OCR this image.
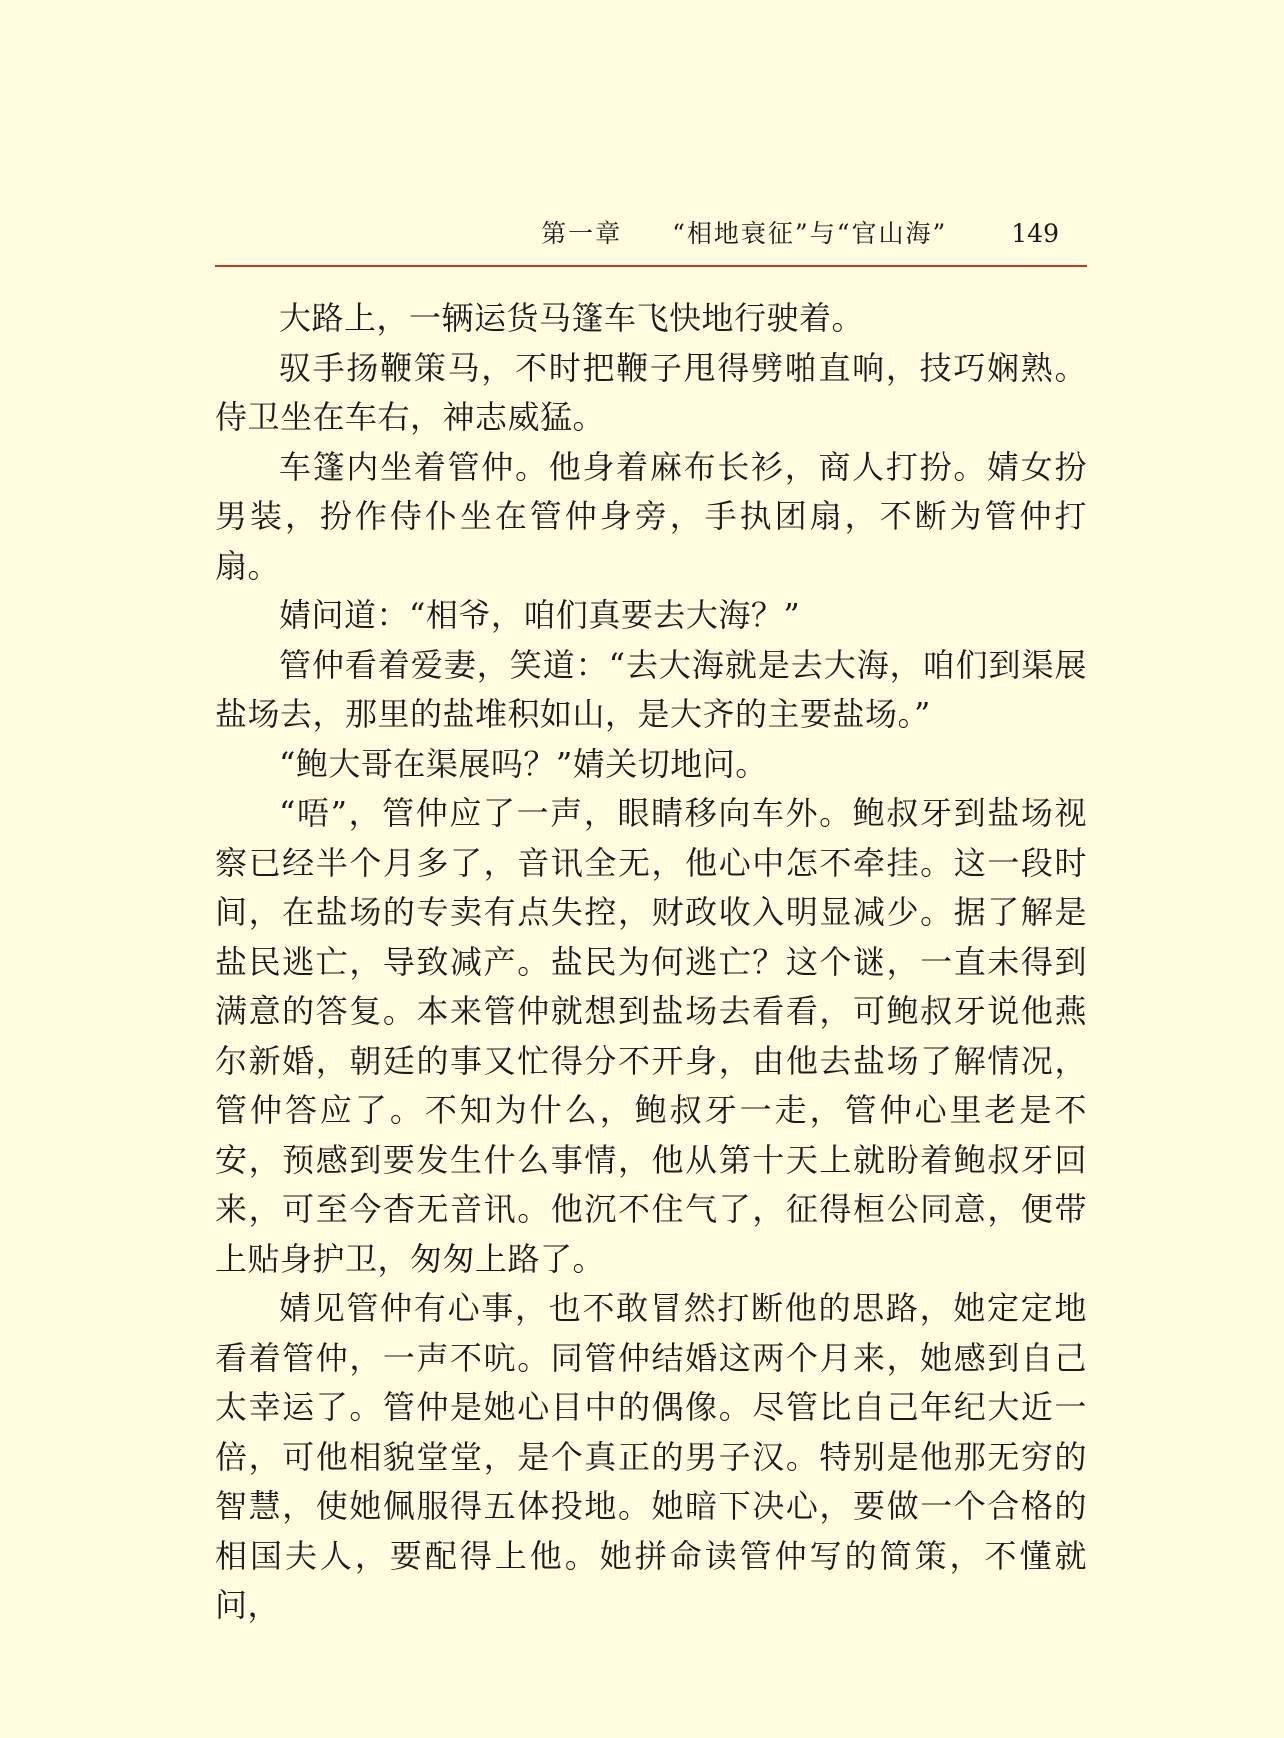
第一章 “相地衰征”与“官山海”	149

大路上，一辆运货马篷车飞快地行驶着。

驭手扬鞭策马，不时把鞭子甩得劈啪直响，技巧娴熟。侍卫坐在车右，神志威猛。

车篷内坐着管仲。他身着麻布长衫，商人打扮。婧女扮男装，扮作侍仆坐在管仲身旁，手执团扇，不断为管仲打扇。

婧问道：“相爷，咱们真要去大海？”

管仲看着爱妻，笑道：“去大海就是去大海，咱们到渠展盐场去，那里的盐堆积如山，是大齐的主要盐场。”

“鲍大哥在渠展吗？”婧关切地问。

“唔”，管仲应了一声，眼睛移向车外。鲍叔牙到盐场视察已经半个月多了，音讯全无，他心中怎不牵挂。这一段时间，在盐场的专卖有点失控，财政收入明显减少。据了解是盐民逃亡，导致减产。盐民为何逃亡？这个谜，一直未得到满意的答复。本来管仲就想到盐场去看看，可鲍叔牙说他燕尔新婚，朝廷的事又忙得分不开身，由他去盐场了解情况，管仲答应了。不知为什么，鲍叔牙一走，管仲心里老是不安，预感到要发生什么事情，他从第十天上就盼着鲍叔牙回来，可至今杳无音讯。他沉不住气了，征得桓公同意，便带上贴身护卫，匆匆上路了。

婧见管仲有心事，也不敢冒然打断他的思路，她定定地看着管仲，一声不吭。同管仲结婚这两个月来，她感到自己太幸运了。管仲是她心目中的偶像。尽管比自己年纪大近一倍，可他相貌堂堂，是个真正的男子汉。特别是他那无穷的智慧，使她佩服得五体投地。她暗下决心，要做一个合格的相国夫人，要配得上他。她拼命读管仲写的简策，不懂就问，
